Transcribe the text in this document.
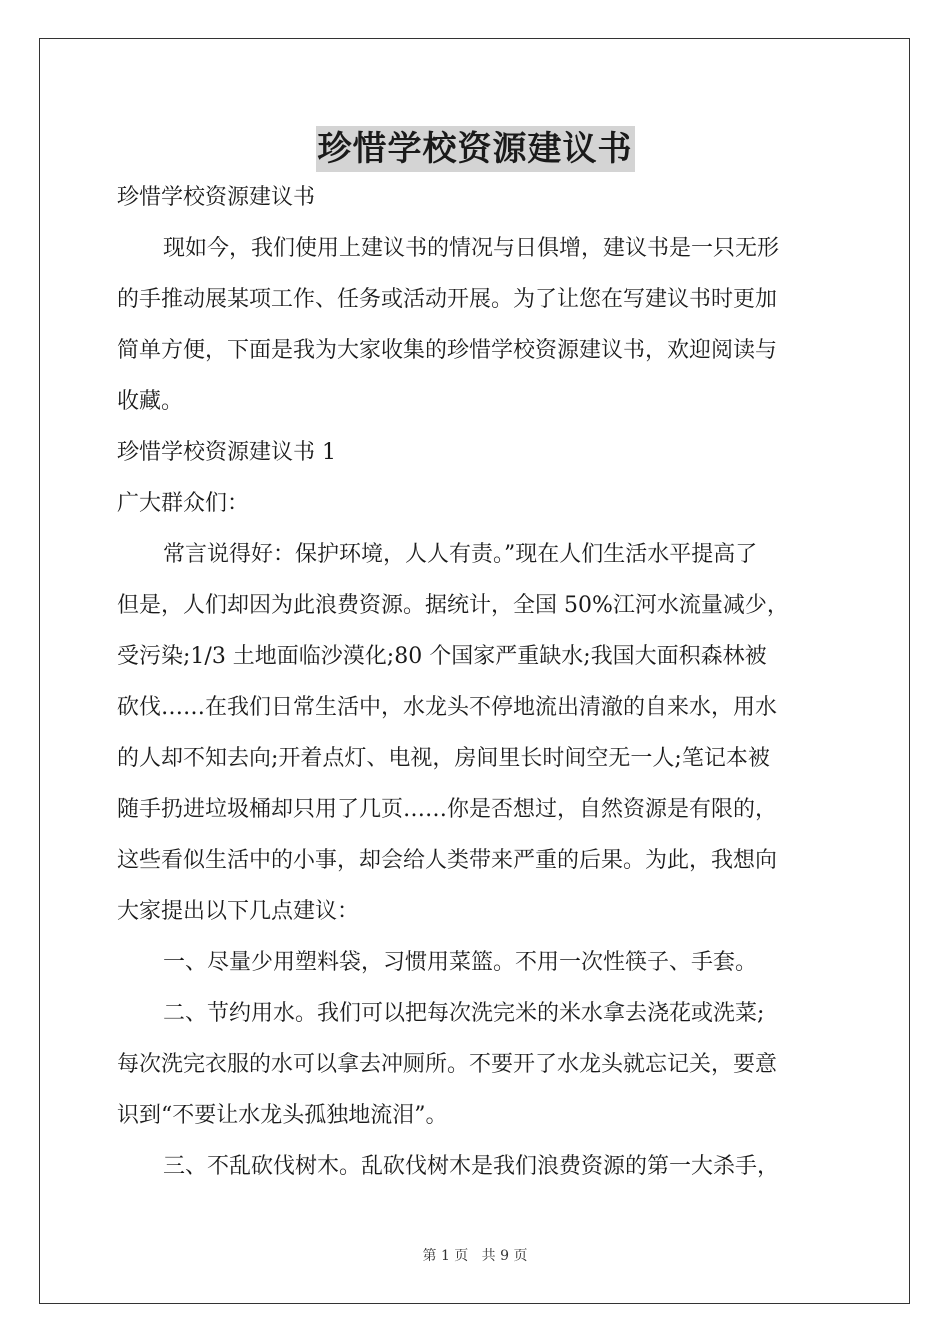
珍惜学校资源建议书
珍惜学校资源建议书
现如今，我们使用上建议书的情况与日俱增，建议书是一只无形
的手推动展某项工作、任务或活动开展。为了让您在写建议书时更加
简单方便，下面是我为大家收集的珍惜学校资源建议书，欢迎阅读与
收藏。
珍惜学校资源建议书 1
广大群众们：
常言说得好：保护环境，人人有责。”现在人们生活水平提高了
但是，人们却因为此浪费资源。据统计，全国 50%江河水流量减少，
受污染;1/3 土地面临沙漠化;80 个国家严重缺水;我国大面积森林被
砍伐……在我们日常生活中，水龙头不停地流出清澈的自来水，用水
的人却不知去向;开着点灯、电视，房间里长时间空无一人;笔记本被
随手扔进垃圾桶却只用了几页……你是否想过，自然资源是有限的，
这些看似生活中的小事，却会给人类带来严重的后果。为此，我想向
大家提出以下几点建议：
一、尽量少用塑料袋，习惯用菜篮。不用一次性筷子、手套。
二、节约用水。我们可以把每次洗完米的米水拿去浇花或洗菜;
每次洗完衣服的水可以拿去冲厕所。不要开了水龙头就忘记关，要意
识到“不要让水龙头孤独地流泪”。
三、不乱砍伐树木。乱砍伐树木是我们浪费资源的第一大杀手，
第 1 页 共 9 页
